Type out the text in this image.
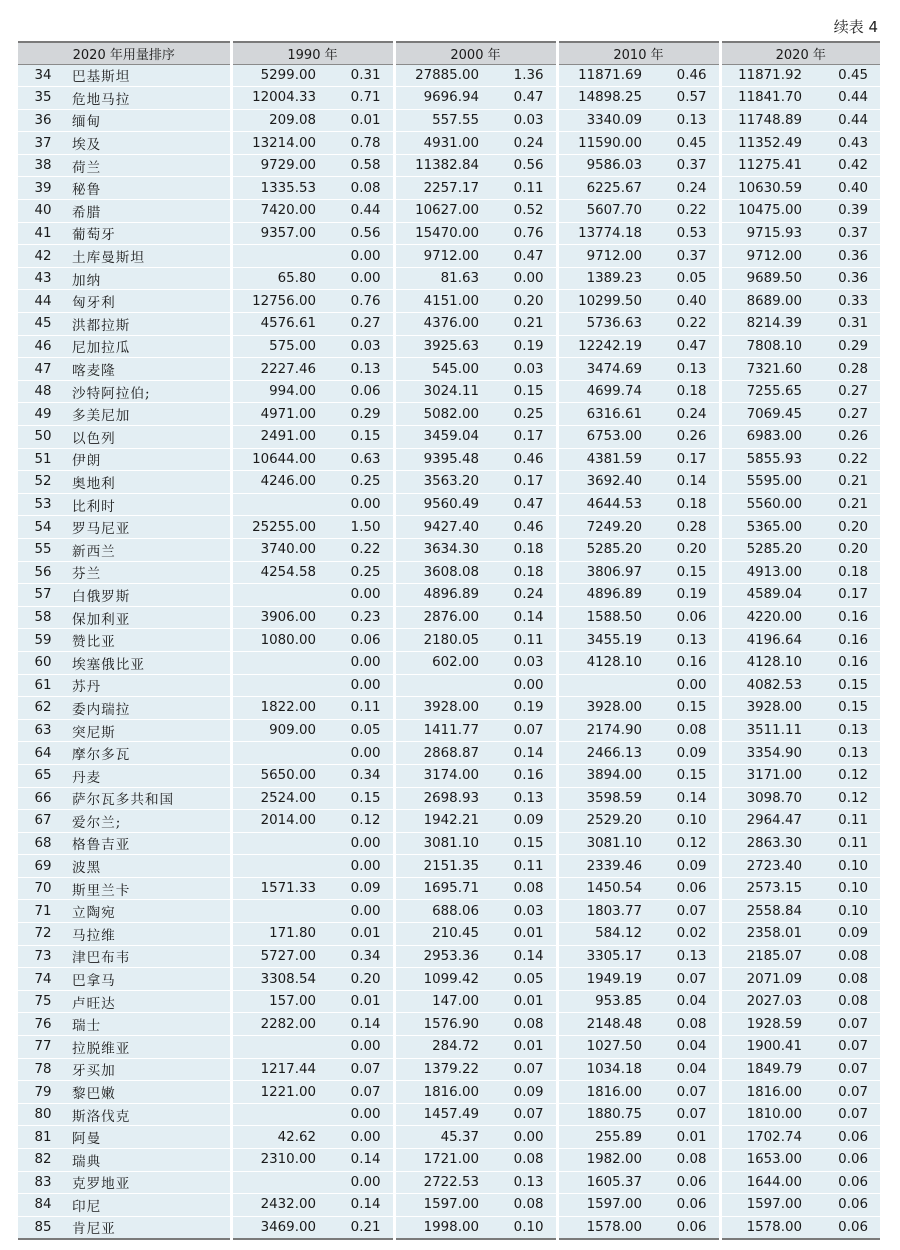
续表 4
2020 年用量排序		1990 年		2000 年		2010 年		2020 年	
34	巴基斯坦	5299.00	0.31	27885.00	1.36	11871.69	0.46	11871.92	0.45
35	危地马拉	12004.33	0.71	9696.94	0.47	14898.25	0.57	11841.70	0.44
36	缅甸	209.08	0.01	557.55	0.03	3340.09	0.13	11748.89	0.44
37	埃及	13214.00	0.78	4931.00	0.24	11590.00	0.45	11352.49	0.43
38	荷兰	9729.00	0.58	11382.84	0.56	9586.03	0.37	11275.41	0.42
39	秘鲁	1335.53	0.08	2257.17	0.11	6225.67	0.24	10630.59	0.40
40	希腊	7420.00	0.44	10627.00	0.52	5607.70	0.22	10475.00	0.39
41	葡萄牙	9357.00	0.56	15470.00	0.76	13774.18	0.53	9715.93	0.37
42	土库曼斯坦		0.00	9712.00	0.47	9712.00	0.37	9712.00	0.36
43	加纳	65.80	0.00	81.63	0.00	1389.23	0.05	9689.50	0.36
44	匈牙利	12756.00	0.76	4151.00	0.20	10299.50	0.40	8689.00	0.33
45	洪都拉斯	4576.61	0.27	4376.00	0.21	5736.63	0.22	8214.39	0.31
46	尼加拉瓜	575.00	0.03	3925.63	0.19	12242.19	0.47	7808.10	0.29
47	喀麦隆	2227.46	0.13	545.00	0.03	3474.69	0.13	7321.60	0.28
48	沙特阿拉伯;	994.00	0.06	3024.11	0.15	4699.74	0.18	7255.65	0.27
49	多美尼加	4971.00	0.29	5082.00	0.25	6316.61	0.24	7069.45	0.27
50	以色列	2491.00	0.15	3459.04	0.17	6753.00	0.26	6983.00	0.26
51	伊朗	10644.00	0.63	9395.48	0.46	4381.59	0.17	5855.93	0.22
52	奥地利	4246.00	0.25	3563.20	0.17	3692.40	0.14	5595.00	0.21
53	比利时		0.00	9560.49	0.47	4644.53	0.18	5560.00	0.21
54	罗马尼亚	25255.00	1.50	9427.40	0.46	7249.20	0.28	5365.00	0.20
55	新西兰	3740.00	0.22	3634.30	0.18	5285.20	0.20	5285.20	0.20
56	芬兰	4254.58	0.25	3608.08	0.18	3806.97	0.15	4913.00	0.18
57	白俄罗斯		0.00	4896.89	0.24	4896.89	0.19	4589.04	0.17
58	保加利亚	3906.00	0.23	2876.00	0.14	1588.50	0.06	4220.00	0.16
59	赞比亚	1080.00	0.06	2180.05	0.11	3455.19	0.13	4196.64	0.16
60	埃塞俄比亚		0.00	602.00	0.03	4128.10	0.16	4128.10	0.16
61	苏丹		0.00		0.00		0.00	4082.53	0.15
62	委内瑞拉	1822.00	0.11	3928.00	0.19	3928.00	0.15	3928.00	0.15
63	突尼斯	909.00	0.05	1411.77	0.07	2174.90	0.08	3511.11	0.13
64	摩尔多瓦		0.00	2868.87	0.14	2466.13	0.09	3354.90	0.13
65	丹麦	5650.00	0.34	3174.00	0.16	3894.00	0.15	3171.00	0.12
66	萨尔瓦多共和国	2524.00	0.15	2698.93	0.13	3598.59	0.14	3098.70	0.12
67	爱尔兰;	2014.00	0.12	1942.21	0.09	2529.20	0.10	2964.47	0.11
68	格鲁吉亚		0.00	3081.10	0.15	3081.10	0.12	2863.30	0.11
69	波黑		0.00	2151.35	0.11	2339.46	0.09	2723.40	0.10
70	斯里兰卡	1571.33	0.09	1695.71	0.08	1450.54	0.06	2573.15	0.10
71	立陶宛		0.00	688.06	0.03	1803.77	0.07	2558.84	0.10
72	马拉维	171.80	0.01	210.45	0.01	584.12	0.02	2358.01	0.09
73	津巴布韦	5727.00	0.34	2953.36	0.14	3305.17	0.13	2185.07	0.08
74	巴拿马	3308.54	0.20	1099.42	0.05	1949.19	0.07	2071.09	0.08
75	卢旺达	157.00	0.01	147.00	0.01	953.85	0.04	2027.03	0.08
76	瑞士	2282.00	0.14	1576.90	0.08	2148.48	0.08	1928.59	0.07
77	拉脱维亚		0.00	284.72	0.01	1027.50	0.04	1900.41	0.07
78	牙买加	1217.44	0.07	1379.22	0.07	1034.18	0.04	1849.79	0.07
79	黎巴嫩	1221.00	0.07	1816.00	0.09	1816.00	0.07	1816.00	0.07
80	斯洛伐克		0.00	1457.49	0.07	1880.75	0.07	1810.00	0.07
81	阿曼	42.62	0.00	45.37	0.00	255.89	0.01	1702.74	0.06
82	瑞典	2310.00	0.14	1721.00	0.08	1982.00	0.08	1653.00	0.06
83	克罗地亚		0.00	2722.53	0.13	1605.37	0.06	1644.00	0.06
84	印尼	2432.00	0.14	1597.00	0.08	1597.00	0.06	1597.00	0.06
85	肯尼亚	3469.00	0.21	1998.00	0.10	1578.00	0.06	1578.00	0.06
